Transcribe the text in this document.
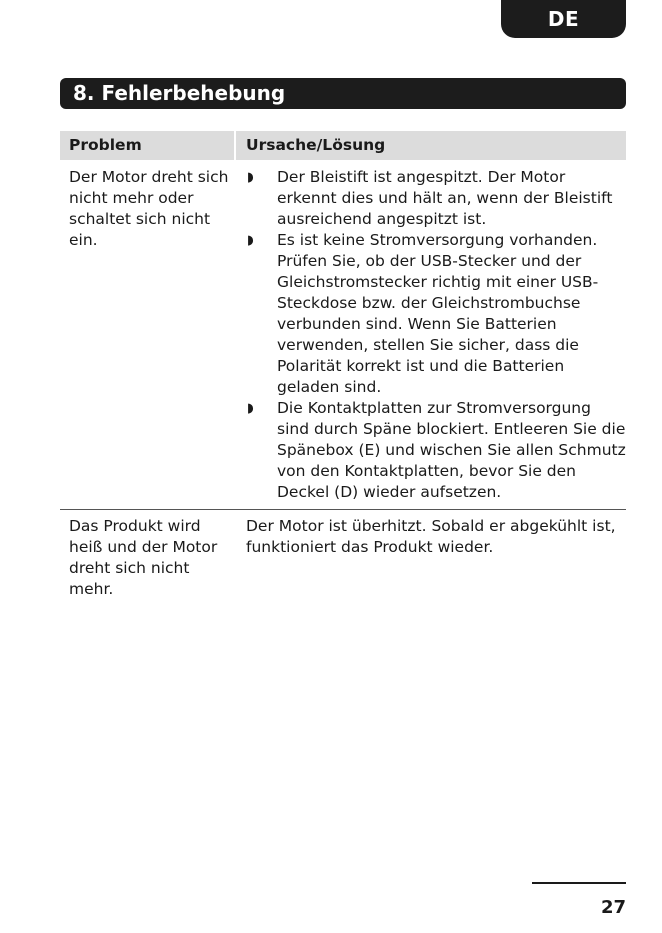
DE
8. Fehlerbehebung
Problem	Ursache/Lösung
Der Motor dreht sich nicht mehr oder schaltet sich nicht ein.
◗ Der Bleistift ist angespitzt. Der Motor erkennt dies und hält an, wenn der Bleistift ausreichend angespitzt ist.
◗ Es ist keine Stromversorgung vorhanden. Prüfen Sie, ob der USB-Stecker und der Gleichstromstecker richtig mit einer USB-Steckdose bzw. der Gleichstrombuchse verbunden sind. Wenn Sie Batterien verwenden, stellen Sie sicher, dass die Polarität korrekt ist und die Batterien geladen sind.
◗ Die Kontaktplatten zur Stromversorgung sind durch Späne blockiert. Entleeren Sie die Spänebox (E) und wischen Sie allen Schmutz von den Kontaktplatten, bevor Sie den Deckel (D) wieder aufsetzen.
Das Produkt wird heiß und der Motor dreht sich nicht mehr.
Der Motor ist überhitzt. Sobald er abgekühlt ist, funktioniert das Produkt wieder.
27
